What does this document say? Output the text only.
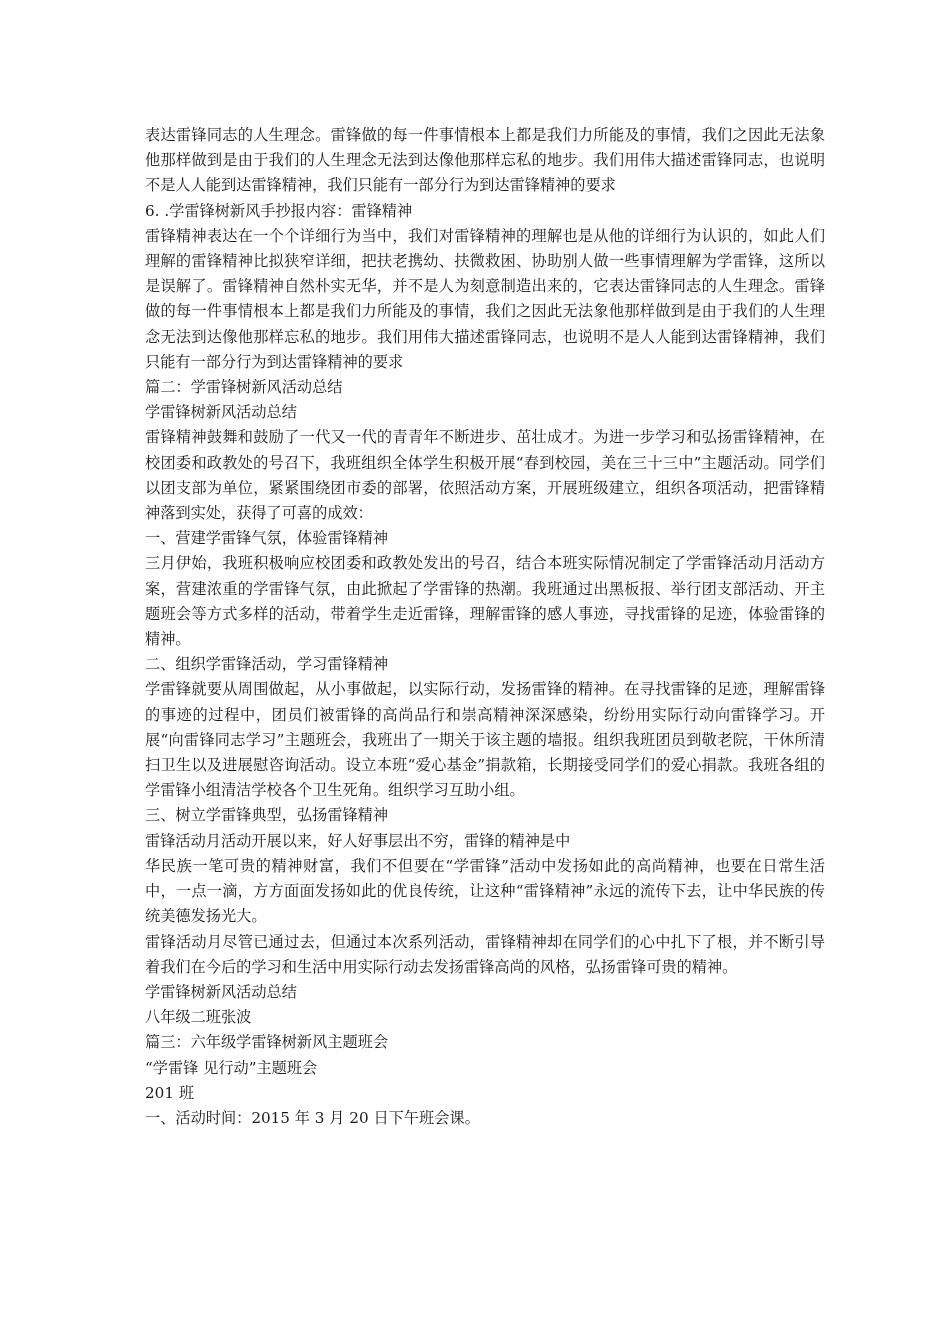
表达雷锋同志的人生理念。雷锋做的每一件事情根本上都是我们力所能及的事情，我们之因此无法象他那样做到是由于我们的人生理念无法到达像他那样忘私的地步。我们用伟大描述雷锋同志，也说明不是人人能到达雷锋精神，我们只能有一部分行为到达雷锋精神的要求

6. .学雷锋树新风手抄报内容：雷锋精神

雷锋精神表达在一个个详细行为当中，我们对雷锋精神的理解也是从他的详细行为认识的，如此人们理解的雷锋精神比拟狭窄详细，把扶老携幼、扶微救困、协助别人做一些事情理解为学雷锋，这所以是误解了。雷锋精神自然朴实无华，并不是人为刻意制造出来的，它表达雷锋同志的人生理念。雷锋做的每一件事情根本上都是我们力所能及的事情，我们之因此无法象他那样做到是由于我们的人生理念无法到达像他那样忘私的地步。我们用伟大描述雷锋同志，也说明不是人人能到达雷锋精神，我们只能有一部分行为到达雷锋精神的要求

篇二：学雷锋树新风活动总结

学雷锋树新风活动总结

雷锋精神鼓舞和鼓励了一代又一代的青青年不断进步、茁壮成才。为进一步学习和弘扬雷锋精神，在校团委和政教处的号召下，我班组织全体学生积极开展“春到校园，美在三十三中”主题活动。同学们以团支部为单位，紧紧围绕团市委的部署，依照活动方案，开展班级建立，组织各项活动，把雷锋精神落到实处，获得了可喜的成效：

一、营建学雷锋气氛，体验雷锋精神

三月伊始，我班积极响应校团委和政教处发出的号召，结合本班实际情况制定了学雷锋活动月活动方案，营建浓重的学雷锋气氛，由此掀起了学雷锋的热潮。我班通过出黑板报、举行团支部活动、开主题班会等方式多样的活动，带着学生走近雷锋，理解雷锋的感人事迹，寻找雷锋的足迹，体验雷锋的精神。

二、组织学雷锋活动，学习雷锋精神

学雷锋就要从周围做起，从小事做起，以实际行动，发扬雷锋的精神。在寻找雷锋的足迹，理解雷锋的事迹的过程中，团员们被雷锋的高尚品行和崇高精神深深感染，纷纷用实际行动向雷锋学习。开展“向雷锋同志学习”主题班会，我班出了一期关于该主题的墙报。组织我班团员到敬老院，干休所清扫卫生以及进展慰咨询活动。设立本班“爱心基金”捐款箱，长期接受同学们的爱心捐款。我班各组的学雷锋小组清洁学校各个卫生死角。组织学习互助小组。

三、树立学雷锋典型，弘扬雷锋精神

雷锋活动月活动开展以来，好人好事层出不穷，雷锋的精神是中

华民族一笔可贵的精神财富，我们不但要在“学雷锋”活动中发扬如此的高尚精神，也要在日常生活中，一点一滴，方方面面发扬如此的优良传统，让这种“雷锋精神”永远的流传下去，让中华民族的传统美德发扬光大。

雷锋活动月尽管已通过去，但通过本次系列活动，雷锋精神却在同学们的心中扎下了根，并不断引导着我们在今后的学习和生活中用实际行动去发扬雷锋高尚的风格，弘扬雷锋可贵的精神。

学雷锋树新风活动总结

八年级二班张波

篇三：六年级学雷锋树新风主题班会

“学雷锋 见行动”主题班会

201 班

一、活动时间：2015 年 3 月 20 日下午班会课。
